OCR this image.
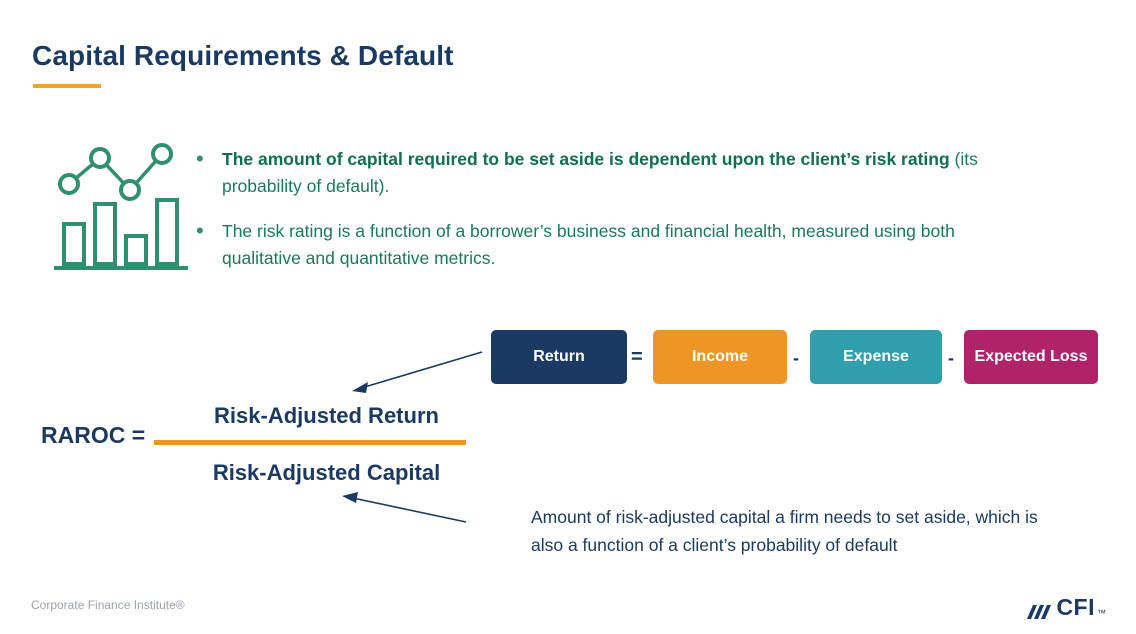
Capital Requirements & Default
•	The amount of capital required to be set aside is dependent upon the client’s risk rating (its probability of default).
•	The risk rating is a function of a borrower’s business and financial health, measured using both qualitative and quantitative metrics.
Return	=	Income	-	Expense	-	Expected Loss
RAROC =
Risk-Adjusted Return
Risk-Adjusted Capital
Amount of risk-adjusted capital a firm needs to set aside, which is also a function of a client’s probability of default
Corporate Finance Institute®	CFI ™
